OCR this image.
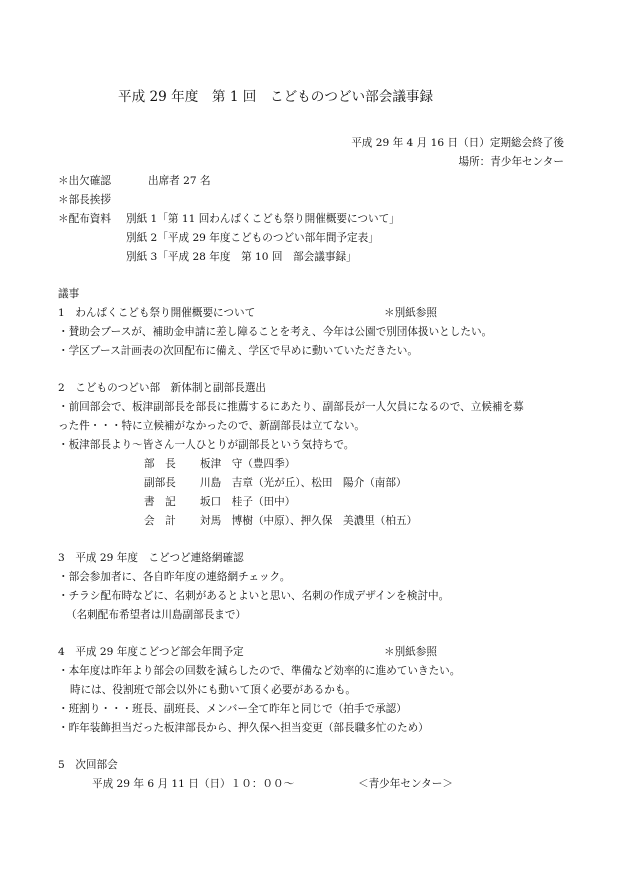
平成 29 年度　第 1 回　こどものつどい部会議事録
平成 29 年 4 月 16 日（日）定期総会終了後
場所：青少年センター
＊出欠確認	出席者 27 名
＊部長挨拶
＊配布資料 別紙 1「第 11 回わんぱくこども祭り開催概要について」
別紙 2「平成 29 年度こどものつどい部年間予定表」
別紙 3「平成 28 年度　第 10 回　部会議事録」
議事
1　わんぱくこども祭り開催概要について	＊別紙参照
・賛助会ブースが、補助金申請に差し障ることを考え、今年は公園で別団体扱いとしたい。
・学区ブース計画表の次回配布に備え、学区で早めに動いていただきたい。
2　こどものつどい部　新体制と副部長選出
・前回部会で、板津副部長を部長に推薦するにあたり、副部長が一人欠員になるので、立候補を募
った件・・・特に立候補がなかったので、新副部長は立てない。
・板津部長より～皆さん一人ひとりが副部長という気持ちで。
部　長 板津　守（豊四季）
副部長 川島　吉章（光が丘）、松田　陽介（南部）
書　記 坂口　桂子（田中）
会　計 対馬　博樹（中原）、押久保　美濃里（柏五）
3　平成 29 年度　こどつど連絡網確認
・部会参加者に、各自昨年度の連絡網チェック。
・チラシ配布時などに、名刺があるとよいと思い、名刺の作成デザインを検討中。
（名刺配布希望者は川島副部長まで）
4　平成 29 年度こどつど部会年間予定	＊別紙参照
・本年度は昨年より部会の回数を減らしたので、準備など効率的に進めていきたい。
時には、役割班で部会以外にも動いて頂く必要があるかも。
・班割り・・・班長、副班長、メンバー全て昨年と同じで（拍手で承認）
・昨年装飾担当だった板津部長から、押久保へ担当変更（部長職多忙のため）
5　次回部会
平成 29 年 6 月 11 日（日）１０：００～	＜青少年センター＞
